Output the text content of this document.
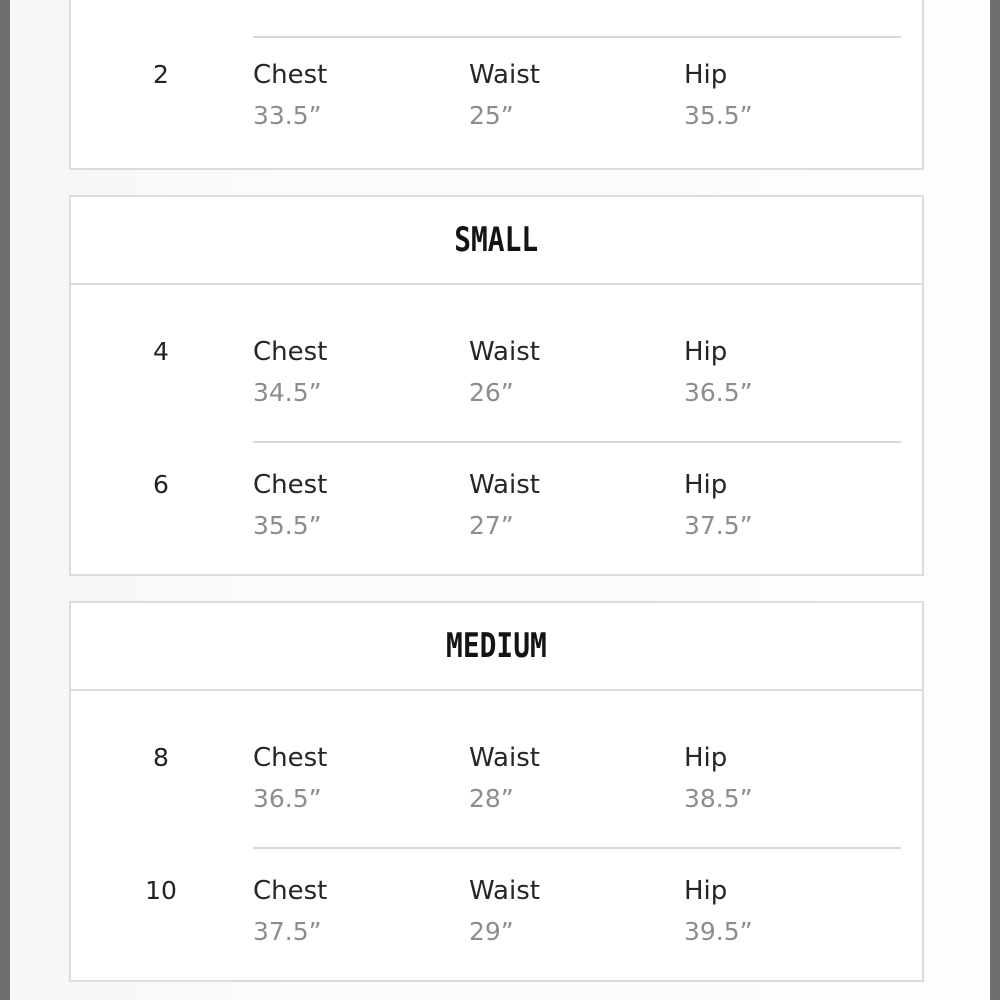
2	Chest
33.5”
Waist
25”
Hip
35.5”
SMALL
4	Chest
34.5”
Waist
26”
Hip
36.5”
6	Chest
35.5”
Waist
27”
Hip
37.5”
MEDIUM
8	Chest
36.5”
Waist
28”
Hip
38.5”
10	Chest
37.5”
Waist
29”
Hip
39.5”
